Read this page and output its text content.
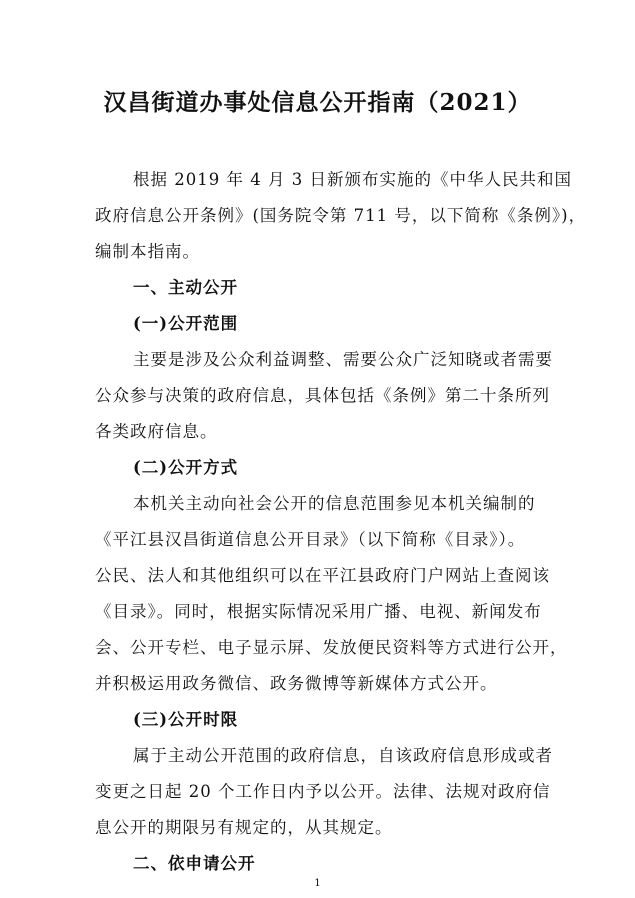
汉昌街道办事处信息公开指南（2021）
根据 2019 年 4 月 3 日新颁布实施的《中华人民共和国
政府信息公开条例》(国务院令第 711 号，以下简称《条例》)，
编制本指南。
一、主动公开
(一)公开范围
主要是涉及公众利益调整、需要公众广泛知晓或者需要
公众参与决策的政府信息，具体包括《条例》第二十条所列
各类政府信息。
(二)公开方式
本机关主动向社会公开的信息范围参见本机关编制的
《平江县汉昌街道信息公开目录》（以下简称《目录》）。
公民、法人和其他组织可以在平江县政府门户网站上查阅该
《目录》。同时，根据实际情况采用广播、电视、新闻发布
会、公开专栏、电子显示屏、发放便民资料等方式进行公开，
并积极运用政务微信、政务微博等新媒体方式公开。
(三)公开时限
属于主动公开范围的政府信息，自该政府信息形成或者
变更之日起 20 个工作日内予以公开。法律、法规对政府信
息公开的期限另有规定的，从其规定。
二、依申请公开
1
